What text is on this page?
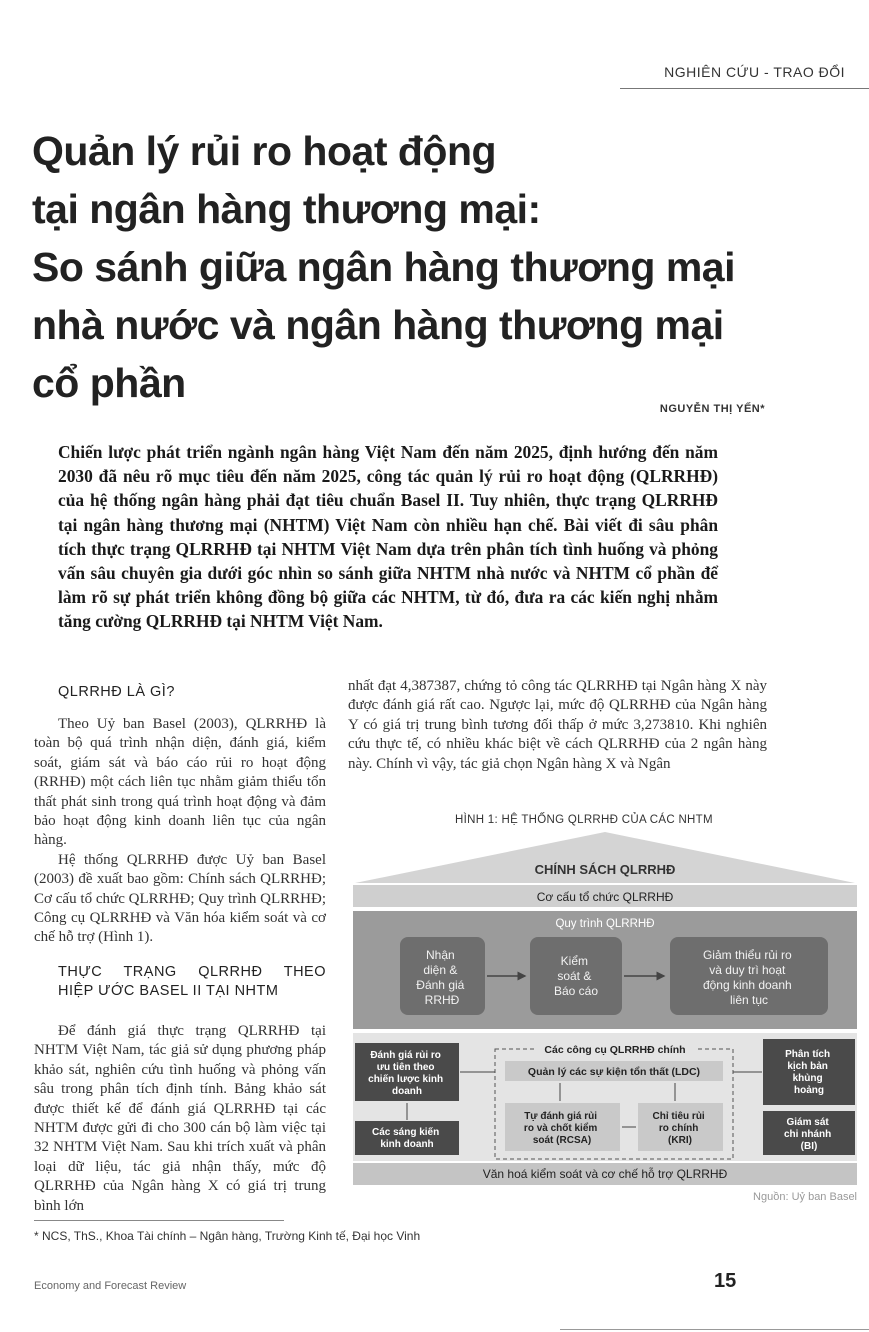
NGHIÊN CỨU - TRAO ĐỔI
Quản lý rủi ro hoạt động
tại ngân hàng thương mại:
So sánh giữa ngân hàng thương mại
nhà nước và ngân hàng thương mại
cổ phần
NGUYỄN THỊ YẾN*
Chiến lược phát triển ngành ngân hàng Việt Nam đến năm 2025, định hướng đến năm 2030 đã nêu rõ mục tiêu đến năm 2025, công tác quản lý rủi ro hoạt động (QLRRHĐ) của hệ thống ngân hàng phải đạt tiêu chuẩn Basel II. Tuy nhiên, thực trạng QLRRHĐ tại ngân hàng thương mại (NHTM) Việt Nam còn nhiều hạn chế. Bài viết đi sâu phân tích thực trạng QLRRHĐ tại NHTM Việt Nam dựa trên phân tích tình huống và phỏng vấn sâu chuyên gia dưới góc nhìn so sánh giữa NHTM nhà nước và NHTM cổ phần để làm rõ sự phát triển không đồng bộ giữa các NHTM, từ đó, đưa ra các kiến nghị nhằm tăng cường QLRRHĐ tại NHTM Việt Nam.
QLRRHĐ LÀ GÌ?

Theo Uỷ ban Basel (2003), QLRRHĐ là toàn bộ quá trình nhận diện, đánh giá, kiểm soát, giám sát và báo cáo rủi ro hoạt động (RRHĐ) một cách liên tục nhằm giảm thiểu tổn thất phát sinh trong quá trình hoạt động và đảm bảo hoạt động kinh doanh liên tục của ngân hàng.

Hệ thống QLRRHĐ được Uỷ ban Basel (2003) đề xuất bao gồm: Chính sách QLRRHĐ; Cơ cấu tổ chức QLRRHĐ; Quy trình QLRRHĐ; Công cụ QLRRHĐ và Văn hóa kiểm soát và cơ chế hỗ trợ (Hình 1).

THỰC TRẠNG QLRRHĐ THEO
HIỆP ƯỚC BASEL II TẠI NHTM

Để đánh giá thực trạng QLRRHĐ tại NHTM Việt Nam, tác giả sử dụng phương pháp khảo sát, nghiên cứu tình huống và phỏng vấn sâu trong phân tích định tính. Bảng khảo sát được thiết kế để đánh giá QLRRHĐ tại các NHTM được gửi đi cho 300 cán bộ làm việc tại 32 NHTM Việt Nam. Sau khi trích xuất và phân loại dữ liệu, tác giả nhận thấy, mức độ QLRRHĐ của Ngân hàng X có giá trị trung bình lớn

nhất đạt 4,387387, chứng tỏ công tác QLRRHĐ tại Ngân hàng X này được đánh giá rất cao. Ngược lại, mức độ QLRRHĐ của Ngân hàng Y có giá trị trung bình tương đối thấp ở mức 3,273810. Khi nghiên cứu thực tế, có nhiều khác biệt về cách QLRRHĐ của 2 ngân hàng này. Chính vì vậy, tác giả chọn Ngân hàng X và Ngân

HÌNH 1: HỆ THỐNG QLRRHĐ CỦA CÁC NHTM
CHÍNH SÁCH QLRRHĐ
Cơ cấu tổ chức QLRRHĐ
Quy trình QLRRHĐ
Nhận diện & Đánh giá RRHĐ
Kiểm soát & Báo cáo
Giảm thiểu rủi ro và duy trì hoạt động kinh doanh liên tục
Đánh giá rủi ro ưu tiên theo chiến lược kinh doanh
Các sáng kiến kinh doanh
Các công cụ QLRRHĐ chính
Quản lý các sự kiện tổn thất (LDC)
Tự đánh giá rủi ro và chốt kiểm soát (RCSA)
Chỉ tiêu rủi ro chính (KRI)
Phân tích kịch bản khủng hoảng
Giám sát chi nhánh (BI)
Văn hoá kiểm soát và cơ chế hỗ trợ QLRRHĐ
Nguồn: Uỷ ban Basel
* NCS, ThS., Khoa Tài chính – Ngân hàng, Trường Kinh tế, Đại học Vinh
Economy and Forecast Review	15
